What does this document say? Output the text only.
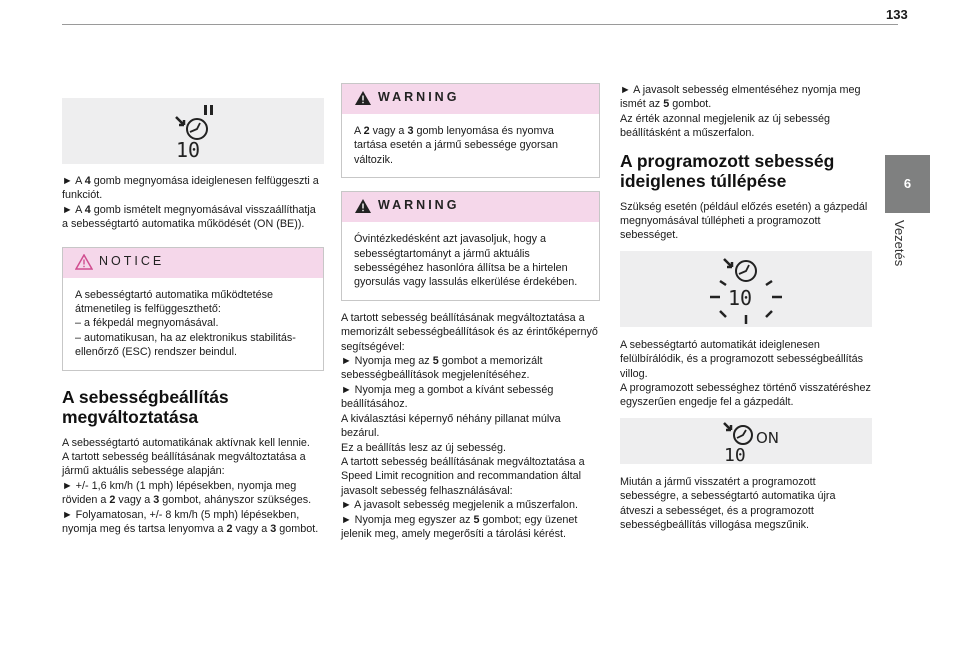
133
6
Vezetés
10

► A 4 gomb megnyomása ideiglenesen felfüggeszti a funkciót.
► A 4 gomb ismételt megnyomásával visszaállíthatja a sebességtartó automatika működését (ON (BE)).

NOTICE

A sebességtartó automatika működtetése átmenetileg is felfüggeszthető:

– a fékpedál megnyomásával.

– automatikusan, ha az elektronikus stabilitás-ellenőrző (ESC) rendszer beindul.

A sebességbeállítás
megváltoztatása

A sebességtartó automatikának aktívnak kell lennie.
A tartott sebesség beállításának megváltoztatása a jármű aktuális sebessége alapján:
► +/- 1,6 km/h (1 mph) lépésekben, nyomja meg röviden a 2 vagy a 3 gombot, ahányszor szükséges.
► Folyamatosan, +/- 8 km/h (5 mph) lépésekben, nyomja meg és tartsa lenyomva a 2 vagy a 3 gombot.

WARNING

A 2 vagy a 3 gomb lenyomása és nyomva tartása esetén a jármű sebessége gyorsan változik.

WARNING

Óvintézkedésként azt javasoljuk, hogy a sebességtartományt a jármű aktuális sebességéhez hasonlóra állítsa be a hirtelen gyorsulás vagy lassulás elkerülése érdekében.

A tartott sebesség beállításának megváltoztatása a memorizált sebességbeállítások és az érintőképernyő segítségével:
► Nyomja meg az 5 gombot a memorizált sebességbeállítások megjelenítéséhez.
► Nyomja meg a gombot a kívánt sebesség beállításához.
A kiválasztási képernyő néhány pillanat múlva bezárul.
Ez a beállítás lesz az új sebesség.
A tartott sebesség beállításának megváltoztatása a Speed Limit recognition and recommandation által javasolt sebesség felhasználásával:
► A javasolt sebesség megjelenik a műszerfalon.
► Nyomja meg egyszer az 5 gombot; egy üzenet jelenik meg, amely megerősíti a tárolási kérést.

► A javasolt sebesség elmentéséhez nyomja meg ismét az 5 gombot.
Az érték azonnal megjelenik az új sebesség beállításként a műszerfalon.

A programozott sebesség
ideiglenes túllépése

Szükség esetén (például előzés esetén) a gázpedál megnyomásával túllépheti a programozott sebességet.

10

A sebességtartó automatikát ideiglenesen felülbírálódik, és a programozott sebességbeállítás villog.
A programozott sebességhez történő visszatéréshez egyszerűen engedje fel a gázpedált.

10
ON

Miután a jármű visszatért a programozott sebességre, a sebességtartó automatika újra átveszi a sebességet, és a programozott sebességbeállítás villogása megszűnik.
